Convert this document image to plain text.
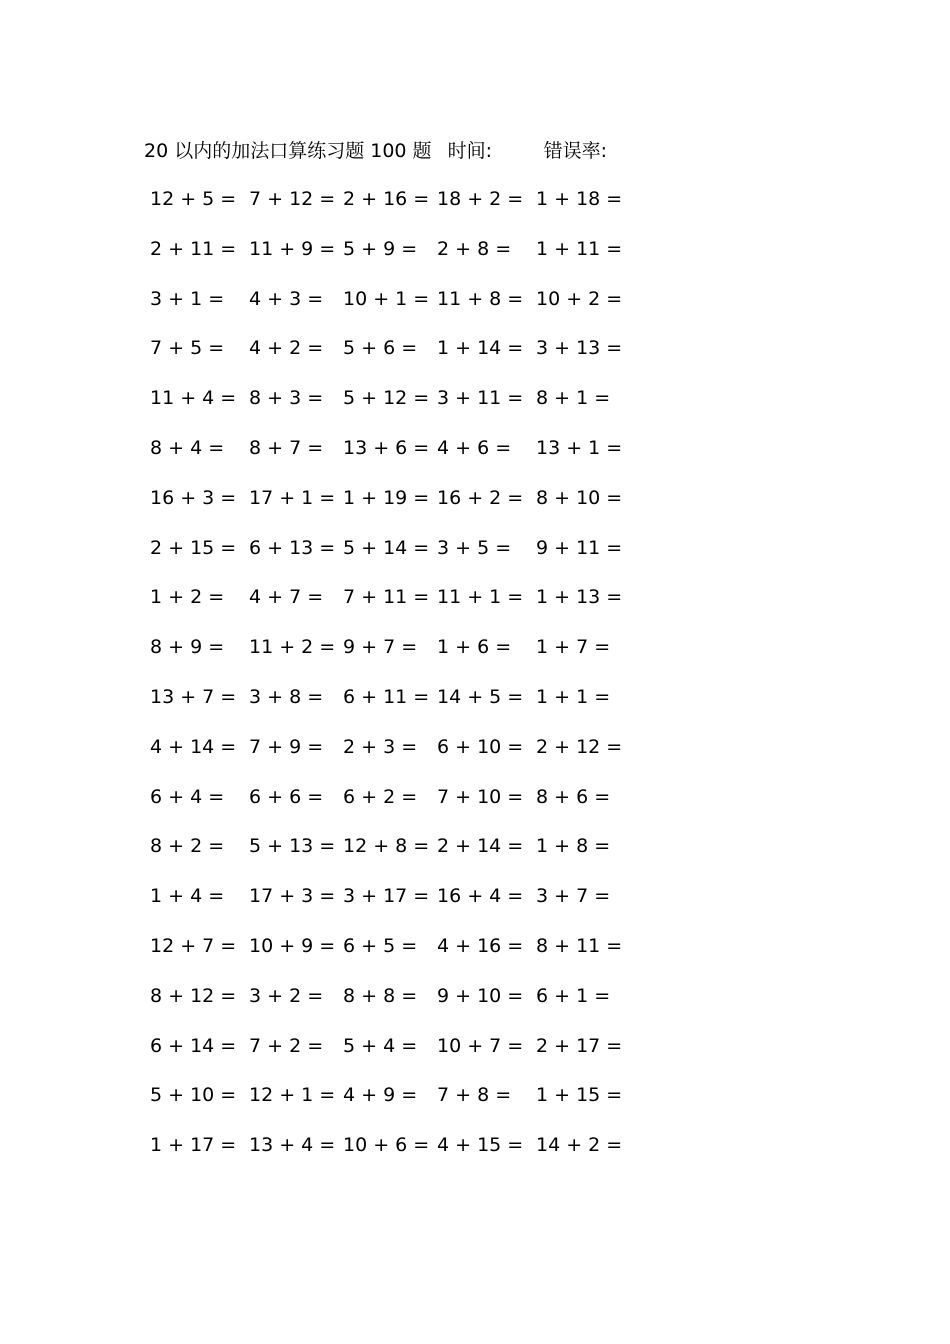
20 以内的加法口算练习题 100 题 时间:	错误率:
12 + 5 = 7 + 12 = 2 + 16 = 18 + 2 = 1 + 18 =
2 + 11 = 11 + 9 = 5 + 9 =	2 + 8 =	1 + 11 =
3 + 1 =	4 + 3 =	10 + 1 = 11 + 8 = 10 + 2 =
7 + 5 =	4 + 2 =	5 + 6 =	1 + 14 = 3 + 13 =
11 + 4 = 8 + 3 =	5 + 12 = 3 + 11 = 8 + 1 =
8 + 4 =	8 + 7 =	13 + 6 = 4 + 6 =	13 + 1 =
16 + 3 = 17 + 1 = 1 + 19 = 16 + 2 = 8 + 10 =
2 + 15 = 6 + 13 = 5 + 14 = 3 + 5 =	9 + 11 =
1 + 2 =	4 + 7 =	7 + 11 = 11 + 1 = 1 + 13 =
8 + 9 =	11 + 2 = 9 + 7 =	1 + 6 =	1 + 7 =
13 + 7 = 3 + 8 =	6 + 11 = 14 + 5 = 1 + 1 =
4 + 14 = 7 + 9 =	2 + 3 =	6 + 10 = 2 + 12 =
6 + 4 =	6 + 6 =	6 + 2 =	7 + 10 = 8 + 6 =
8 + 2 =	5 + 13 = 12 + 8 = 2 + 14 = 1 + 8 =
1 + 4 =	17 + 3 = 3 + 17 = 16 + 4 = 3 + 7 =
12 + 7 = 10 + 9 = 6 + 5 =	4 + 16 = 8 + 11 =
8 + 12 = 3 + 2 =	8 + 8 =	9 + 10 = 6 + 1 =
6 + 14 = 7 + 2 =	5 + 4 =	10 + 7 = 2 + 17 =
5 + 10 = 12 + 1 = 4 + 9 =	7 + 8 =	1 + 15 =
1 + 17 = 13 + 4 = 10 + 6 = 4 + 15 = 14 + 2 =
